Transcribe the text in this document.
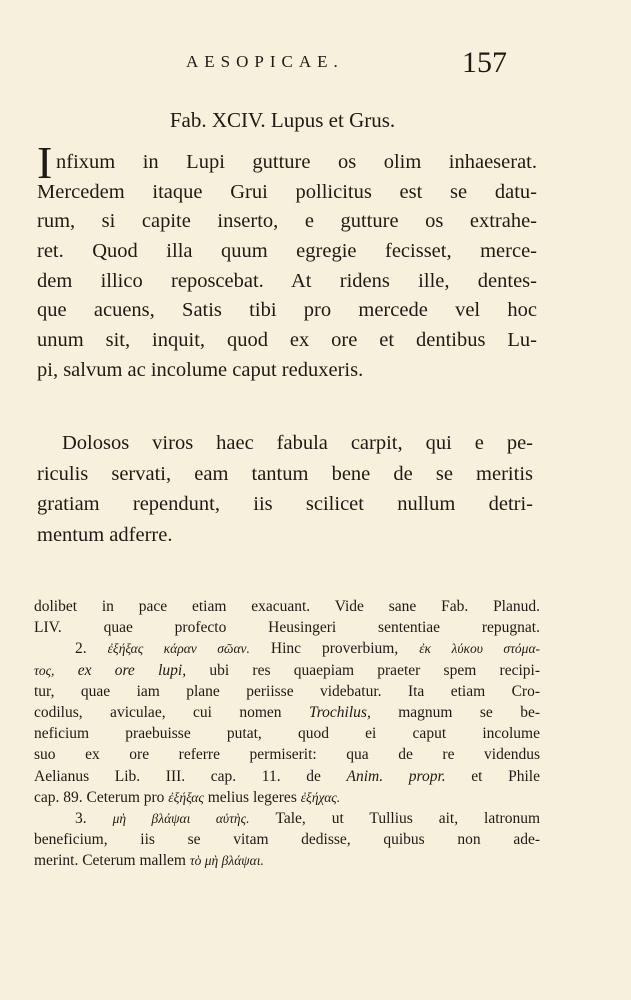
AESOPICAE.	157
Fab. XCIV. Lupus et Grus.
I nfixum in Lupi gutture os olim inhaeserat.
Mercedem itaque Grui pollicitus est se datu-
rum, si capite inserto, e gutture os extrahe-
ret. Quod illa quum egregie fecisset, merce-
dem illico reposcebat. At ridens ille, dentes-
que acuens, Satis tibi pro mercede vel hoc
unum sit, inquit, quod ex ore et dentibus Lu-
pi, salvum ac incolume caput reduxeris.
Dolosos viros haec fabula carpit, qui e pe-
riculis servati, eam tantum bene de se meritis
gratiam rependunt, iis scilicet nullum detri-
mentum adferre.
dolibet in pace etiam exacuant. Vide sane Fab. Planud.
LIV. quae profecto Heusingeri sententiae repugnat.
2. ἐξήξας κάραν σῶαν. Hinc proverbium, ἐκ λύκου στόμα-
τος, ex ore lupi, ubi res quaepiam praeter spem recipi-
tur, quae iam plane periisse videbatur. Ita etiam Cro-
codilus, aviculae, cui nomen Trochilus, magnum se be-
neficium praebuisse putat, quod ei caput incolume
suo ex ore referre permiserit: qua de re videndus
Aelianus Lib. III. cap. 11. de Anim. propr. et Phile
cap. 89. Ceterum pro ἐξήξας melius legeres ἐξήχας.
3. μὴ βλάψαι αὐτὴς. Tale, ut Tullius ait, latronum
beneficium, iis se vitam dedisse, quibus non ade-
merint. Ceterum mallem τὸ μὴ βλάψαι.
